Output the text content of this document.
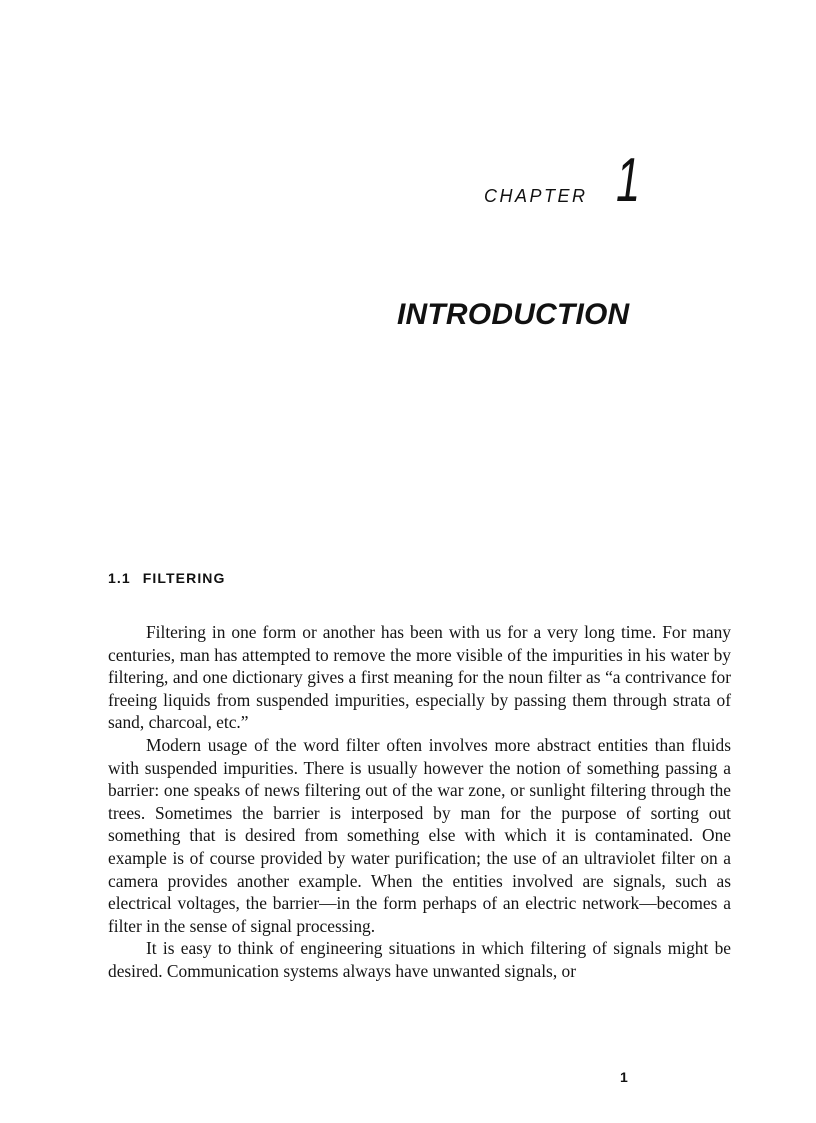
CHAPTER 1
INTRODUCTION
1.1 FILTERING

Filtering in one form or another has been with us for a very long time. For many centuries, man has attempted to remove the more visible of the impurities in his water by filtering, and one dictionary gives a first meaning for the noun filter as “a contrivance for freeing liquids from suspended impurities, especially by passing them through strata of sand, charcoal, etc.”

Modern usage of the word filter often involves more abstract entities than fluids with suspended impurities. There is usually however the notion of something passing a barrier: one speaks of news filtering out of the war zone, or sunlight filtering through the trees. Sometimes the barrier is interposed by man for the purpose of sorting out something that is desired from something else with which it is contaminated. One example is of course provided by water purification; the use of an ultraviolet filter on a camera provides another example. When the entities involved are signals, such as electrical voltages, the barrier—in the form perhaps of an electric network—becomes a filter in the sense of signal processing.

It is easy to think of engineering situations in which filtering of signals might be desired. Communication systems always have unwanted signals, or

1
